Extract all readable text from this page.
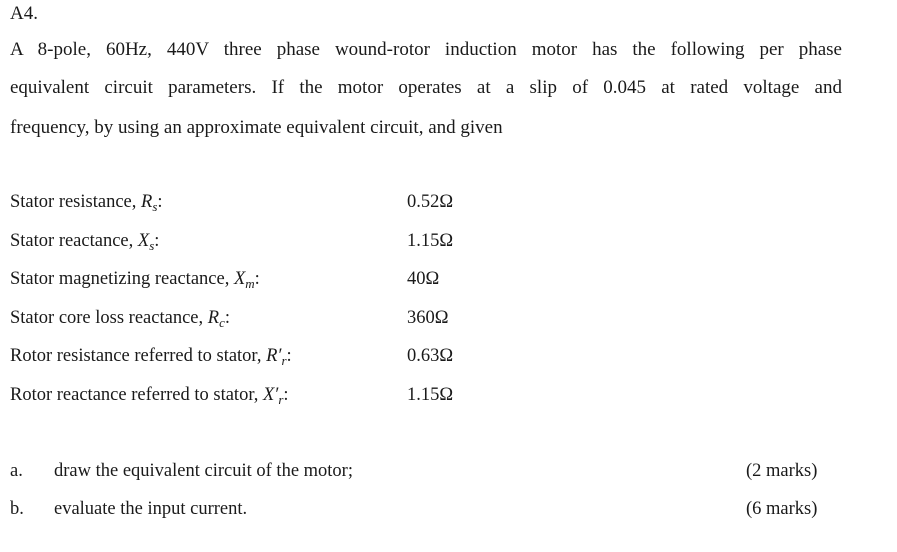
A4.
A 8-pole, 60Hz, 440V three phase wound-rotor induction motor has the following per phase
equivalent circuit parameters. If the motor operates at a slip of 0.045 at rated voltage and
frequency, by using an approximate equivalent circuit, and given
Stator resistance, $R_s$:	0.52Ω
Stator reactance, $X_s$:	1.15Ω
Stator magnetizing reactance, $X_m$:	40Ω
Stator core loss reactance, $R_c$:	360Ω
Rotor resistance referred to stator, $R'_r$:	0.63Ω
Rotor reactance referred to stator, $X'_r$:	1.15Ω
a. draw the equivalent circuit of the motor;	(2 marks)
b. evaluate the input current.	(6 marks)
